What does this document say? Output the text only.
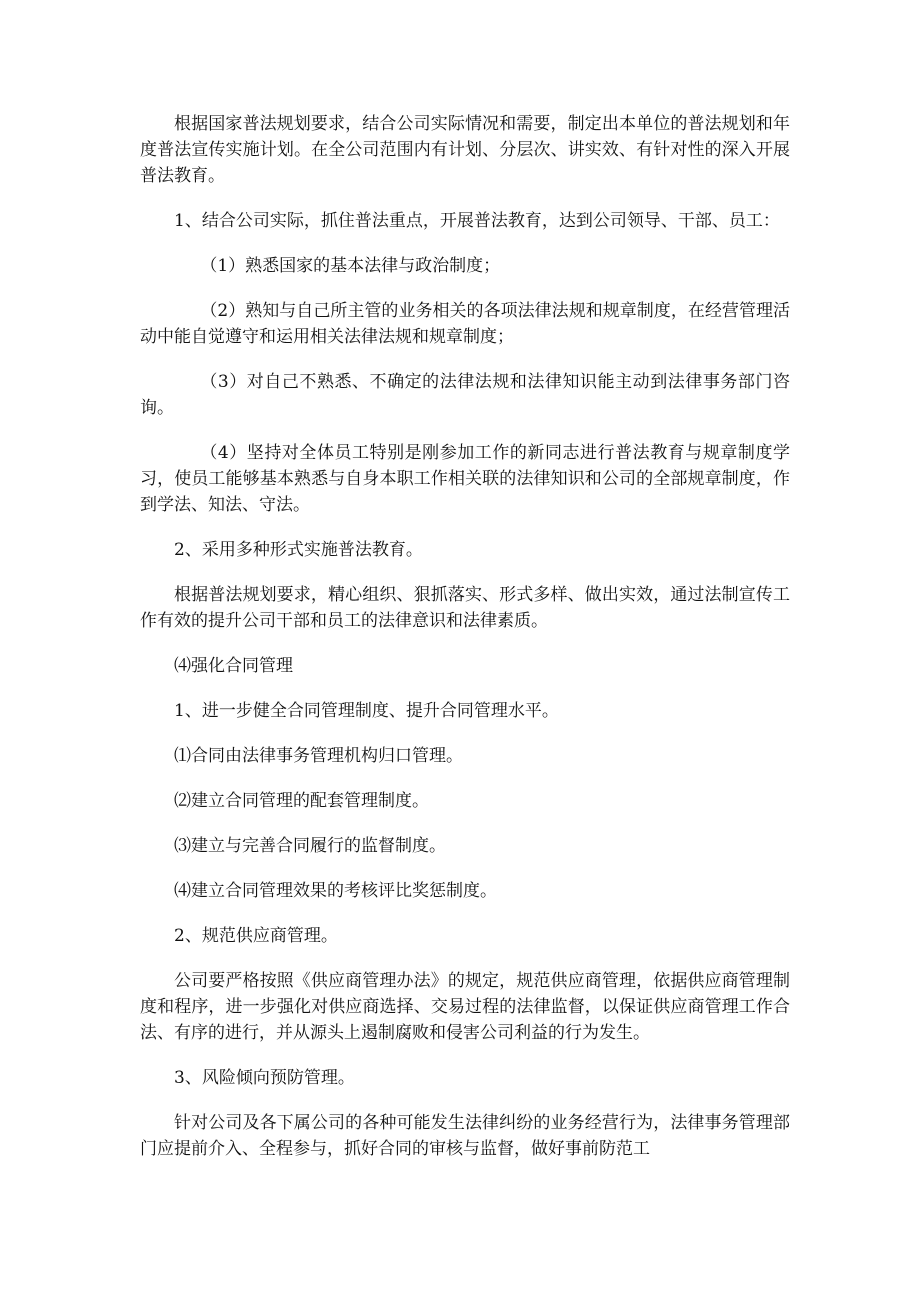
根据国家普法规划要求，结合公司实际情况和需要，制定出本单位的普法规划和年度普法宣传实施计划。在全公司范围内有计划、分层次、讲实效、有针对性的深入开展普法教育。

1、结合公司实际，抓住普法重点，开展普法教育，达到公司领导、干部、员工：

（1）熟悉国家的基本法律与政治制度；

（2）熟知与自己所主管的业务相关的各项法律法规和规章制度，在经营管理活动中能自觉遵守和运用相关法律法规和规章制度；

（3）对自己不熟悉、不确定的法律法规和法律知识能主动到法律事务部门咨询。

（4）坚持对全体员工特别是刚参加工作的新同志进行普法教育与规章制度学习，使员工能够基本熟悉与自身本职工作相关联的法律知识和公司的全部规章制度，作到学法、知法、守法。

2、采用多种形式实施普法教育。

根据普法规划要求，精心组织、狠抓落实、形式多样、做出实效，通过法制宣传工作有效的提升公司干部和员工的法律意识和法律素质。

⑷强化合同管理

1、进一步健全合同管理制度、提升合同管理水平。

⑴合同由法律事务管理机构归口管理。

⑵建立合同管理的配套管理制度。

⑶建立与完善合同履行的监督制度。

⑷建立合同管理效果的考核评比奖惩制度。

2、规范供应商管理。

公司要严格按照《供应商管理办法》的规定，规范供应商管理，依据供应商管理制度和程序，进一步强化对供应商选择、交易过程的法律监督，以保证供应商管理工作合法、有序的进行，并从源头上遏制腐败和侵害公司利益的行为发生。

3、风险倾向预防管理。

针对公司及各下属公司的各种可能发生法律纠纷的业务经营行为，法律事务管理部门应提前介入、全程参与，抓好合同的审核与监督，做好事前防范工
